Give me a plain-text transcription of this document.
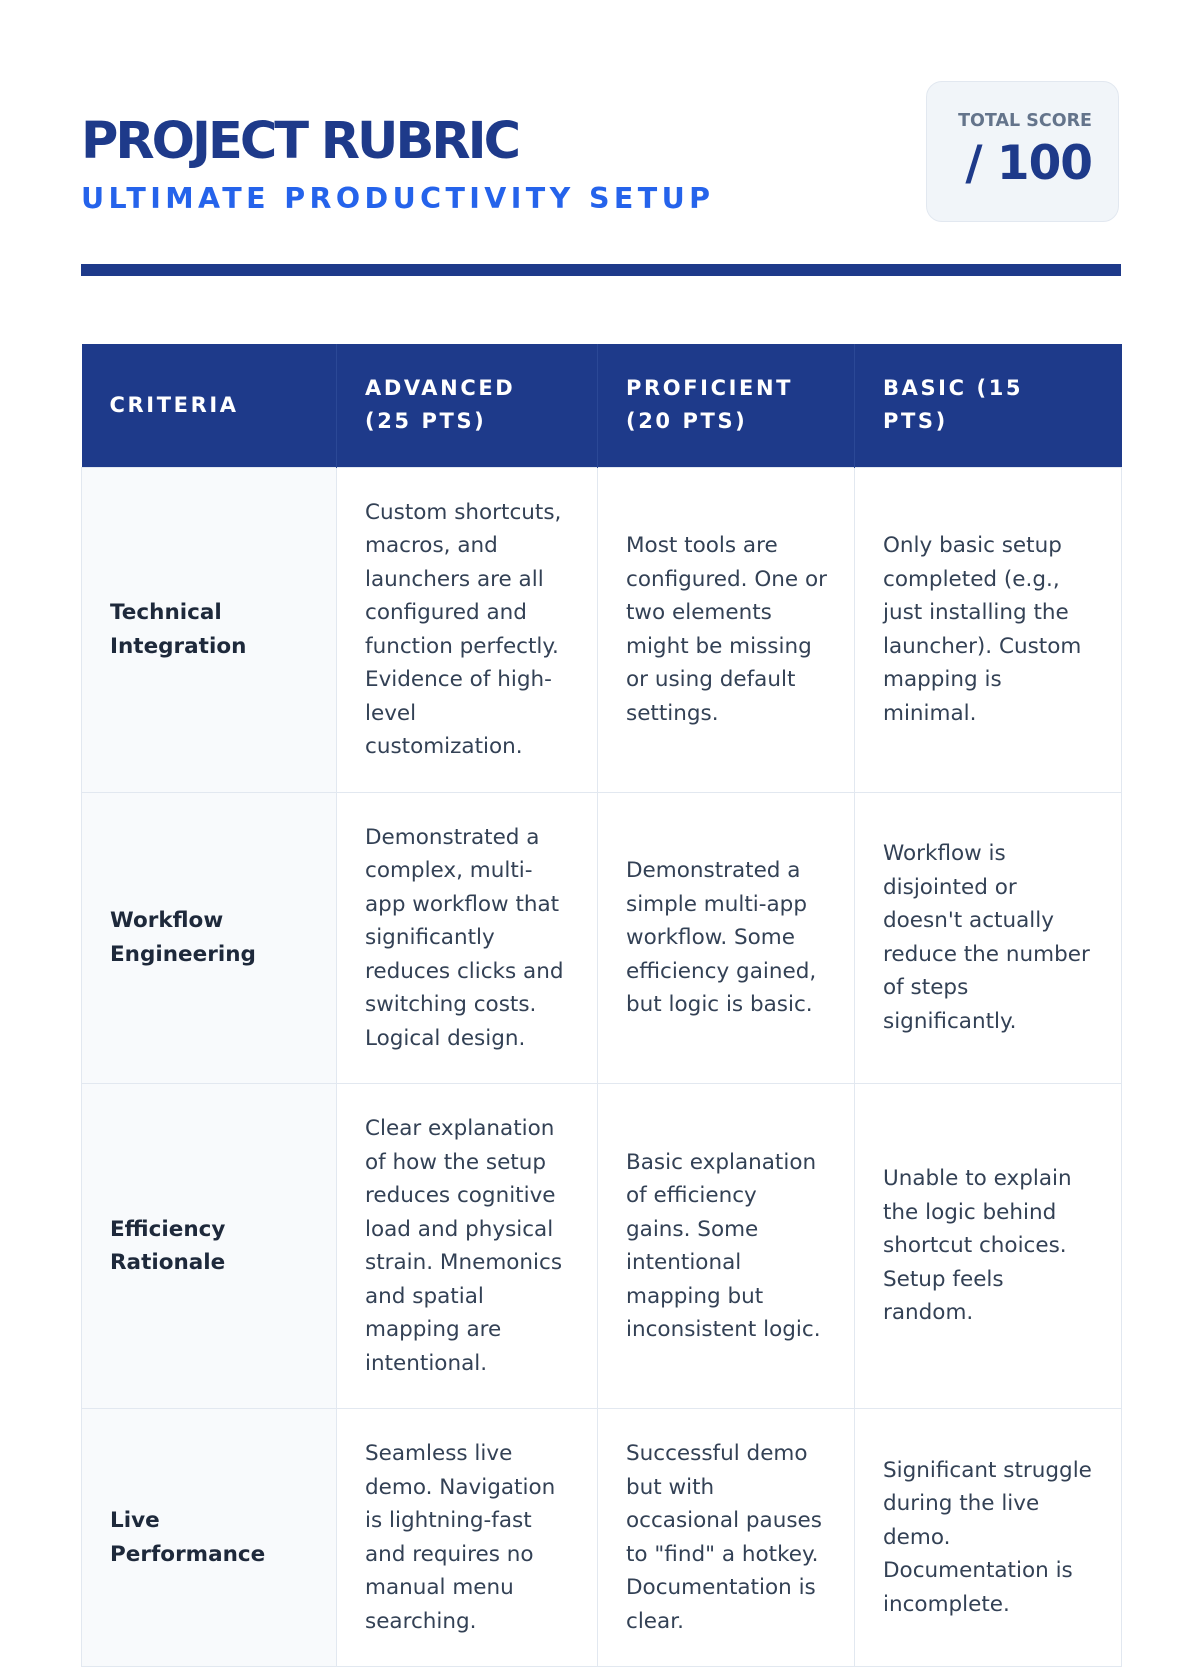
PROJECT RUBRIC
ULTIMATE PRODUCTIVITY SETUP
TOTAL SCORE
/ 100
CRITERIA	ADVANCED (25 PTS)	PROFICIENT (20 PTS)	BASIC (15 PTS)
Technical Integration	Custom shortcuts, macros, and launchers are all configured and function perfectly. Evidence of high-level customization.	Most tools are configured. One or two elements might be missing or using default settings.	Only basic setup completed (e.g., just installing the launcher). Custom mapping is minimal.
Workflow Engineering	Demonstrated a complex, multi-app workflow that significantly reduces clicks and switching costs. Logical design.	Demonstrated a simple multi-app workflow. Some efficiency gained, but logic is basic.	Workflow is disjointed or doesn't actually reduce the number of steps significantly.
Efficiency Rationale	Clear explanation of how the setup reduces cognitive load and physical strain. Mnemonics and spatial mapping are intentional.	Basic explanation of efficiency gains. Some intentional mapping but inconsistent logic.	Unable to explain the logic behind shortcut choices. Setup feels random.
Live Performance	Seamless live demo. Navigation is lightning-fast and requires no manual menu searching.	Successful demo but with occasional pauses to "find" a hotkey. Documentation is clear.	Significant struggle during the live demo. Documentation is incomplete.
